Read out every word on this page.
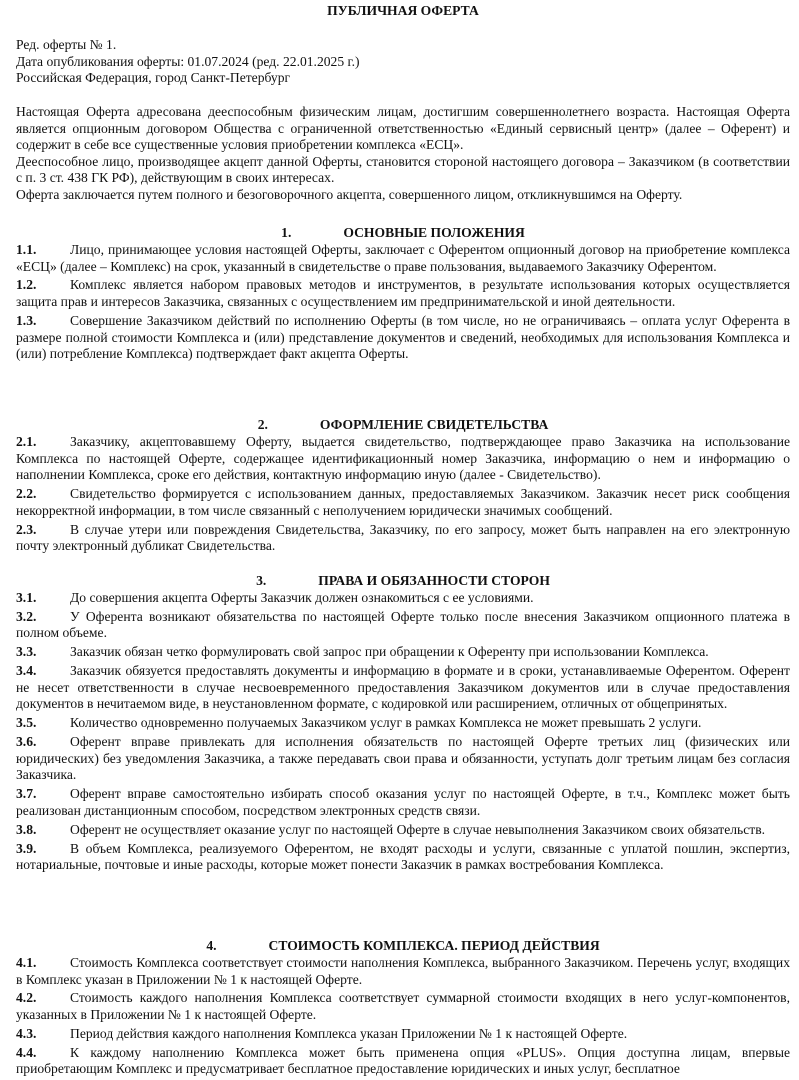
ПУБЛИЧНАЯ ОФЕРТА
Ред. оферты № 1.
Дата опубликования оферты: 01.07.2024 (ред. 22.01.2025 г.)
Российская Федерация, город Санкт-Петербург

Настоящая Оферта адресована дееспособным физическим лицам, достигшим совершеннолетнего возраста. Настоящая Оферта является опционным договором Общества с ограниченной ответственностью «Единый сервисный центр» (далее – Оферент) и содержит в себе все существенные условия приобретении комплекса «ЕСЦ».

Дееспособное лицо, производящее акцепт данной Оферты, становится стороной настоящего договора – Заказчиком (в соответствии с п. 3 ст. 438 ГК РФ), действующим в своих интересах.

Оферта заключается путем полного и безоговорочного акцепта, совершенного лицом, откликнувшимся на Оферту.

1.	ОСНОВНЫЕ ПОЛОЖЕНИЯ

1.1. Лицо, принимающее условия настоящей Оферты, заключает с Оферентом опционный договор на приобретение комплекса «ЕСЦ» (далее – Комплекс) на срок, указанный в свидетельстве о праве пользования, выдаваемого Заказчику Оферентом.

1.2. Комплекс является набором правовых методов и инструментов, в результате использования которых осуществляется защита прав и интересов Заказчика, связанных с осуществлением им предпринимательской и иной деятельности.

1.3. Совершение Заказчиком действий по исполнению Оферты (в том числе, но не ограничиваясь – оплата услуг Оферента в размере полной стоимости Комплекса и (или) представление документов и сведений, необходимых для использования Комплекса и (или) потребление Комплекса) подтверждает факт акцепта Оферты.

2.	ОФОРМЛЕНИЕ СВИДЕТЕЛЬСТВА

2.1. Заказчику, акцептовавшему Оферту, выдается свидетельство, подтверждающее право Заказчика на использование Комплекса по настоящей Оферте, содержащее идентификационный номер Заказчика, информацию о нем и информацию о наполнении Комплекса, сроке его действия, контактную информацию иную (далее - Свидетельство).

2.2. Свидетельство формируется с использованием данных, предоставляемых Заказчиком. Заказчик несет риск сообщения некорректной информации, в том числе связанный с неполучением юридически значимых сообщений.

2.3. В случае утери или повреждения Свидетельства, Заказчику, по его запросу, может быть направлен на его электронную почту электронный дубликат Свидетельства.

3.	ПРАВА И ОБЯЗАННОСТИ СТОРОН

3.1. До совершения акцепта Оферты Заказчик должен ознакомиться с ее условиями.

3.2. У Оферента возникают обязательства по настоящей Оферте только после внесения Заказчиком опционного платежа в полном объеме.

3.3. Заказчик обязан четко формулировать свой запрос при обращении к Оференту при использовании Комплекса.

3.4. Заказчик обязуется предоставлять документы и информацию в формате и в сроки, устанавливаемые Оферентом. Оферент не несет ответственности в случае несвоевременного предоставления Заказчиком документов или в случае предоставления документов в нечитаемом виде, в неустановленном формате, с кодировкой или расширением, отличных от общепринятых.

3.5. Количество одновременно получаемых Заказчиком услуг в рамках Комплекса не может превышать 2 услуги.

3.6. Оферент вправе привлекать для исполнения обязательств по настоящей Оферте третьих лиц (физических или юридических) без уведомления Заказчика, а также передавать свои права и обязанности, уступать долг третьим лицам без согласия Заказчика.

3.7. Оферент вправе самостоятельно избирать способ оказания услуг по настоящей Оферте, в т.ч., Комплекс может быть реализован дистанционным способом, посредством электронных средств связи.

3.8. Оферент не осуществляет оказание услуг по настоящей Оферте в случае невыполнения Заказчиком своих обязательств.

3.9. В объем Комплекса, реализуемого Оферентом, не входят расходы и услуги, связанные с уплатой пошлин, экспертиз, нотариальные, почтовые и иные расходы, которые может понести Заказчик в рамках востребования Комплекса.

4.	СТОИМОСТЬ КОМПЛЕКСА. ПЕРИОД ДЕЙСТВИЯ

4.1. Стоимость Комплекса соответствует стоимости наполнения Комплекса, выбранного Заказчиком. Перечень услуг, входящих в Комплекс указан в Приложении № 1 к настоящей Оферте.

4.2. Стоимость каждого наполнения Комплекса соответствует суммарной стоимости входящих в него услуг-компонентов, указанных в Приложении № 1 к настоящей Оферте.

4.3. Период действия каждого наполнения Комплекса указан Приложении № 1 к настоящей Оферте.

4.4. К каждому наполнению Комплекса может быть применена опция «PLUS». Опция доступна лицам, впервые приобретающим Комплекс и предусматривает бесплатное предоставление юридических и иных услуг, бесплатное
